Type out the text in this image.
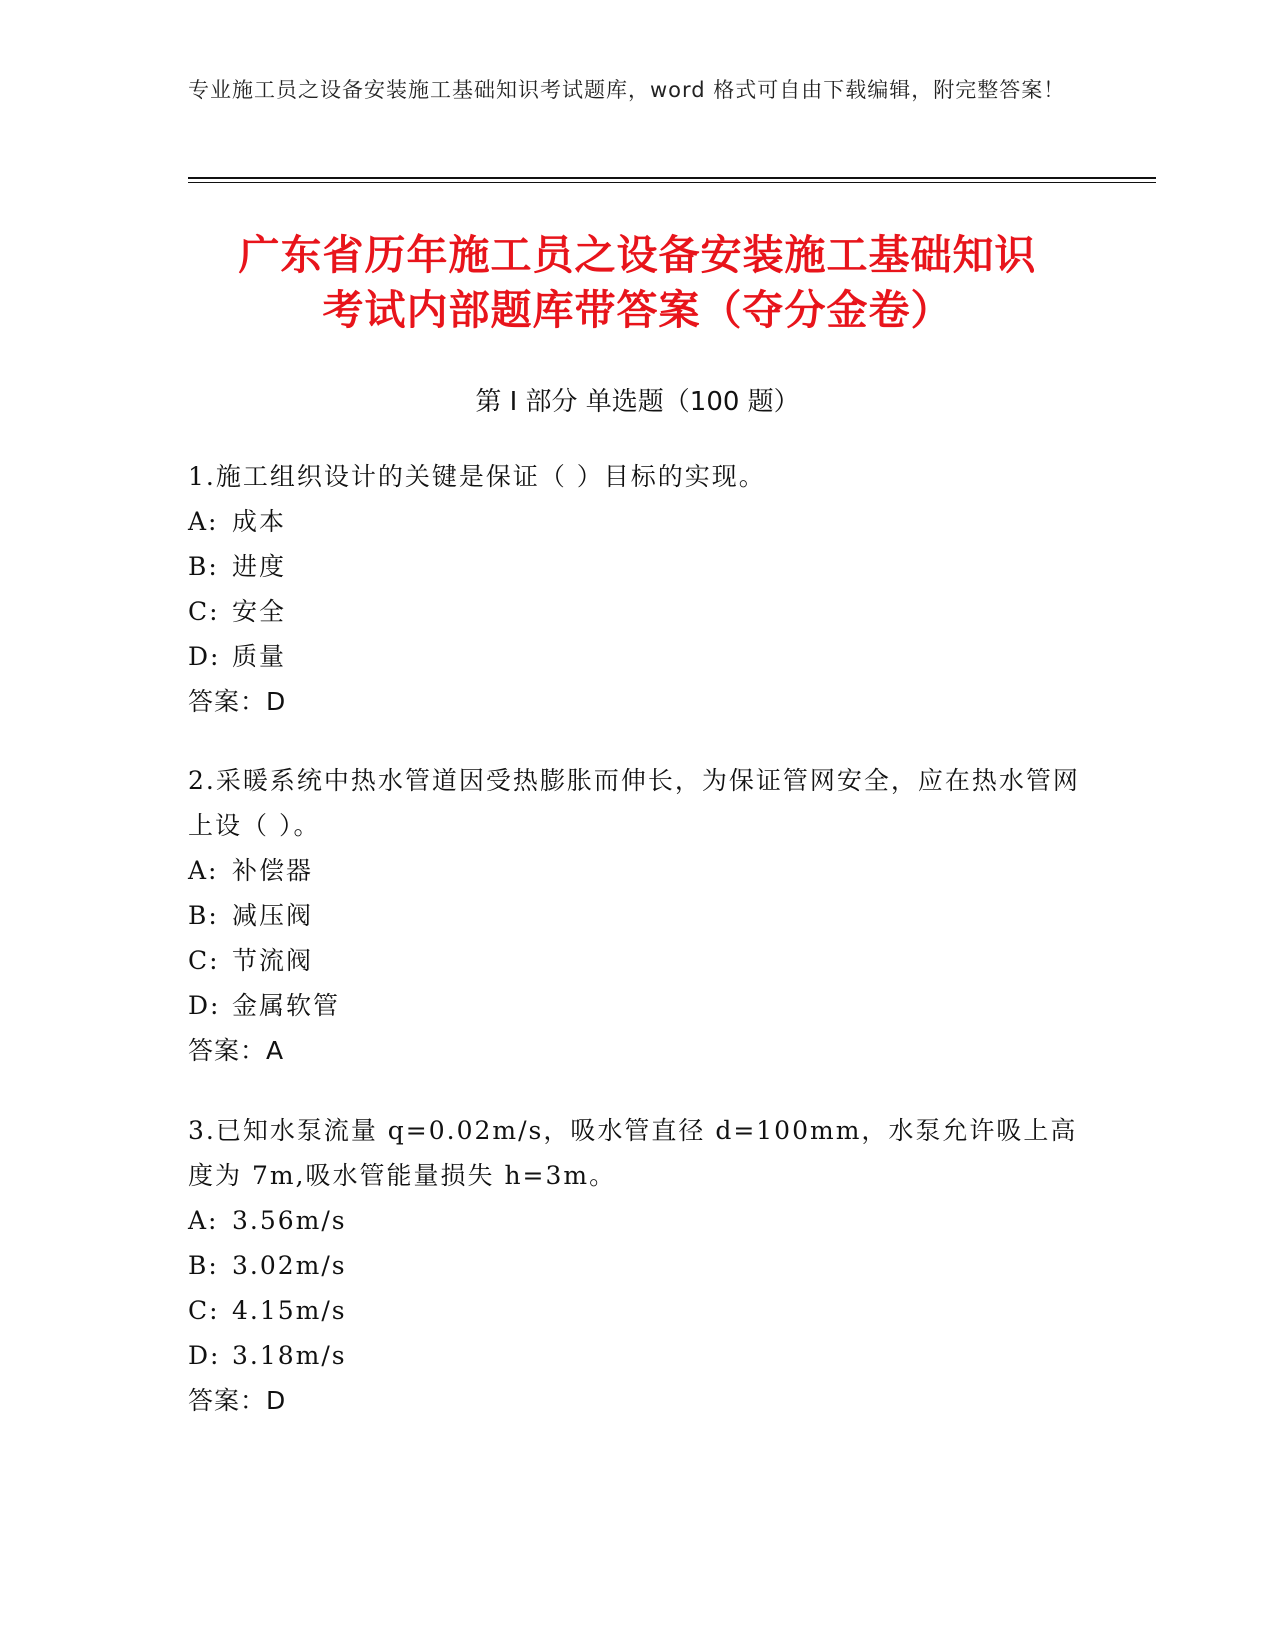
专业施工员之设备安装施工基础知识考试题库，word 格式可自由下载编辑，附完整答案！
广东省历年施工员之设备安装施工基础知识
考试内部题库带答案（夺分金卷）
第 I 部分 单选题（100 题）

1.施工组织设计的关键是保证（ ）目标的实现。

A: 成本

B: 进度

C: 安全

D: 质量

答案：D

2.采暖系统中热水管道因受热膨胀而伸长，为保证管网安全，应在热水管网上设（ ）。

A: 补偿器

B: 减压阀

C: 节流阀

D: 金属软管

答案：A

3.已知水泵流量 q=0.02m/s，吸水管直径 d=100mm，水泵允许吸上高度为 7m,吸水管能量损失 h=3m。

A: 3.56m/s

B: 3.02m/s

C: 4.15m/s

D: 3.18m/s

答案：D
